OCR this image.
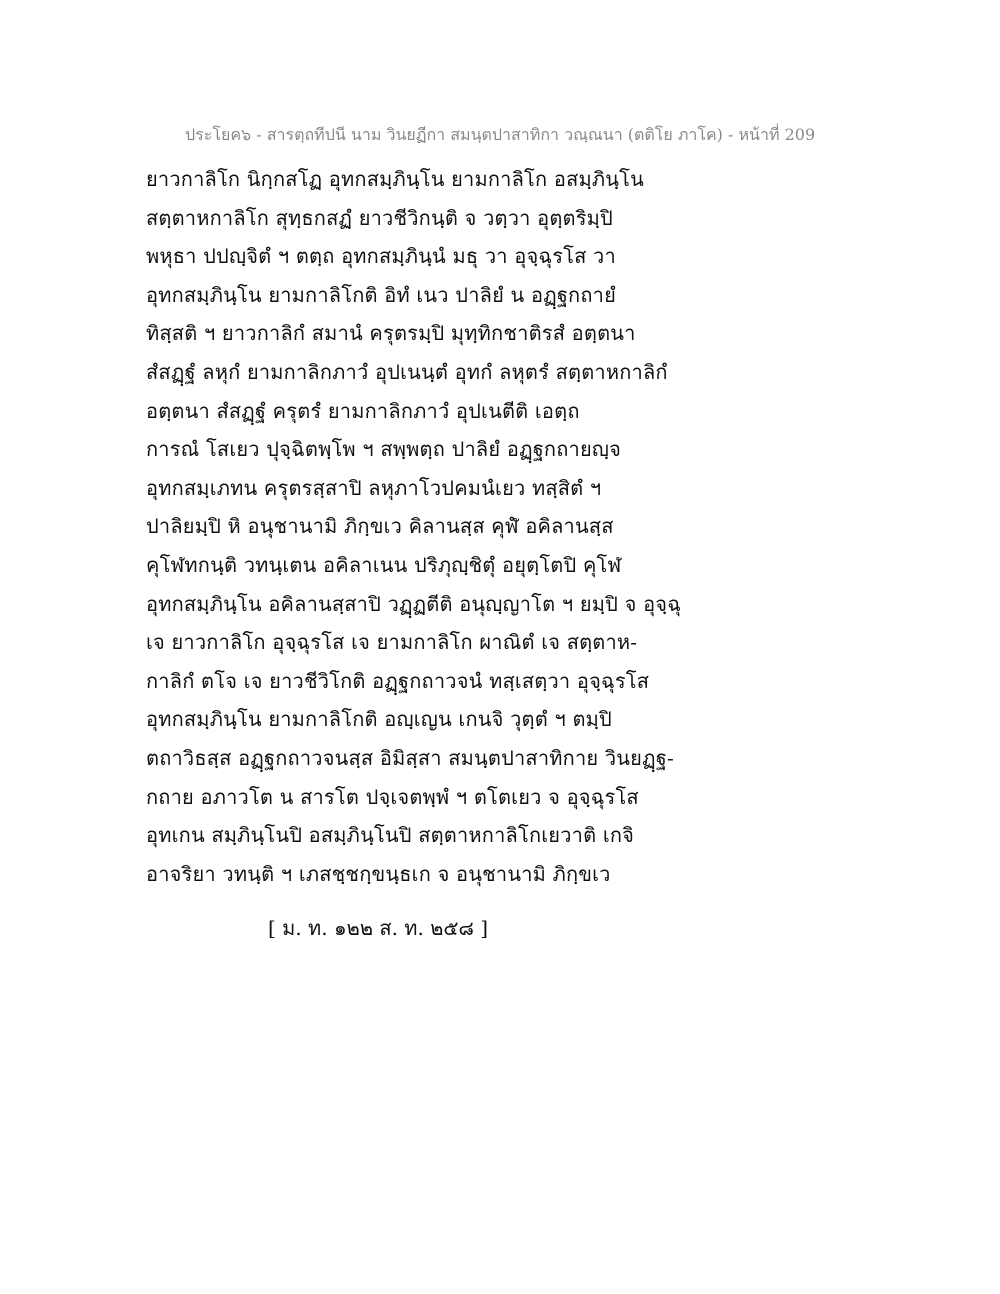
ประโยค๖ - สารตฺถทีปนี นาม วินยฏีกา สมนฺตปาสาทิกา วณฺณนา (ตติโย ภาโค) - หน้าที่ 209
ยาวกาลิโก นิกฺกสโฏ อุทกสมฺภินฺโน ยามกาลิโก อสมฺภินฺโน
สตฺตาหกาลิโก สุทฺธกสฏํ ยาวชีวิกนฺติ จ วตฺวา อุตฺตริมฺปิ
พหุธา ปปญฺจิตํ ฯ ตตฺถ อุทกสมฺภินฺนํ มธุ วา อุจฺฉุรโส วา
อุทกสมฺภินฺโน ยามกาลิโกติ อิทํ เนว ปาลิยํ น อฏฺฐกถายํ
ทิสฺสติ ฯ ยาวกาลิกํ สมานํ ครุตรมฺปิ มุทฺทิกชาติรสํ อตฺตนา
สํสฏฺฐํ ลหุกํ ยามกาลิกภาวํ อุปเนนฺตํ อุทกํ ลหุตรํ สตฺตาหกาลิกํ
อตฺตนา สํสฏฺฐํ ครุตรํ ยามกาลิกภาวํ อุปเนตีติ เอตฺถ
การณํ โสเยว ปุจฺฉิตพฺโพ ฯ สพฺพตฺถ ปาลิยํ อฏฺฐกถายญฺจ
อุทกสมฺเภทน ครุตรสฺสาปิ ลหุภาโวปคมนํเยว ทสฺสิตํ ฯ
ปาลิยมฺปิ หิ อนุชานามิ ภิกฺขเว คิลานสฺส คุฬํ อคิลานสฺส
คุโฬทกนฺติ วทนฺเตน อคิลาเนน ปริภุญฺชิตุํ อยุตฺโตปิ คุโฬ
อุทกสมฺภินฺโน อคิลานสฺสาปิ วฏฺฏตีติ อนุญฺญาโต ฯ ยมฺปิ จ อุจฺฉุ
เจ ยาวกาลิโก อุจฺฉุรโส เจ ยามกาลิโก ผาณิตํ เจ สตฺตาห-
กาลิกํ ตโจ เจ ยาวชีวิโกติ อฏฺฐกถาวจนํ ทสฺเสตฺวา อุจฺฉุรโส
อุทกสมฺภินฺโน ยามกาลิโกติ อญฺเญน เกนจิ วุตฺตํ ฯ ตมฺปิ
ตถาวิธสฺส อฏฺฐกถาวจนสฺส อิมิสฺสา สมนฺตปาสาทิกาย วินยฏฺฐ-
กถาย อภาวโต น สารโต ปจฺเจตพฺพํ ฯ ตโตเยว จ อุจฺฉุรโส
อุทเกน สมฺภินฺโนปิ อสมฺภินฺโนปิ สตฺตาหกาลิโกเยวาติ เกจิ
อาจริยา วทนฺติ ฯ เภสชฺชกฺขนฺธเก จ อนุชานามิ ภิกฺขเว
[ ม. ท. ๑๒๒ ส. ท. ๒๕๘ ]
